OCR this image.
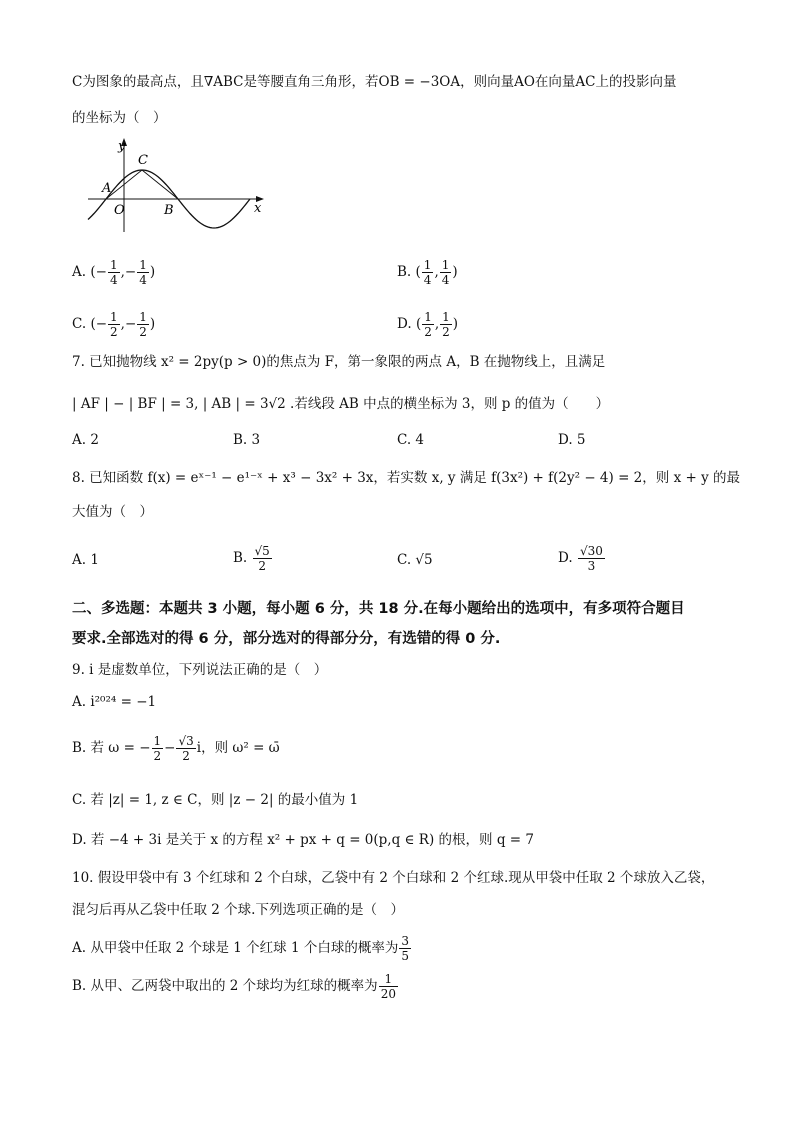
C为图象的最高点，且∇ABC是等腰直角三角形，若OB = −3OA，则向量AO在向量AC上的投影向量
的坐标为（　）
y
x
C
A
O	B
A. (− $\frac{1}{4}$ ,− $\frac{1}{4}$ )	B. ( $\frac{1}{4}$ , $\frac{1}{4}$ )
C. (− $\frac{1}{2}$ ,− $\frac{1}{2}$ )	D. ( $\frac{1}{2}$ , $\frac{1}{2}$ )
7. 已知抛物线 x² = 2py(p > 0)的焦点为 F，第一象限的两点 A，B 在抛物线上，且满足
| AF | − | BF | = 3, | AB | = 3√2 .若线段 AB 中点的横坐标为 3，则 p 的值为（　　）
A. 2	B. 3	C. 4	D. 5
8. 已知函数 f(x) = eˣ⁻¹ − e¹⁻ˣ + x³ − 3x² + 3x，若实数 x, y 满足 f(3x²) + f(2y² − 4) = 2，则 x + y 的最
大值为（　）
A. 1	B. $\frac{√5}{2}$	C. √5	D. $\frac{√30}{3}$
二、多选题：本题共 3 小题，每小题 6 分，共 18 分.在每小题给出的选项中，有多项符合题目
要求.全部选对的得 6 分，部分选对的得部分分，有选错的得 0 分.
9. i 是虚数单位，下列说法正确的是（　）
A. i²⁰²⁴ = −1
B. 若 ω = − $\frac{1}{2} - \frac{√3}{2}$ i，则 ω² = ω̄
C. 若 |z| = 1, z ∈ C，则 |z − 2| 的最小值为 1
D. 若 −4 + 3i 是关于 x 的方程 x² + px + q = 0(p,q ∈ R) 的根，则 q = 7
10. 假设甲袋中有 3 个红球和 2 个白球，乙袋中有 2 个白球和 2 个红球.现从甲袋中任取 2 个球放入乙袋，
混匀后再从乙袋中任取 2 个球.下列选项正确的是（　）
A. 从甲袋中任取 2 个球是 1 个红球 1 个白球的概率为 $\frac{3}{5}$
B. 从甲、乙两袋中取出的 2 个球均为红球的概率为 $\frac{1}{20}$
